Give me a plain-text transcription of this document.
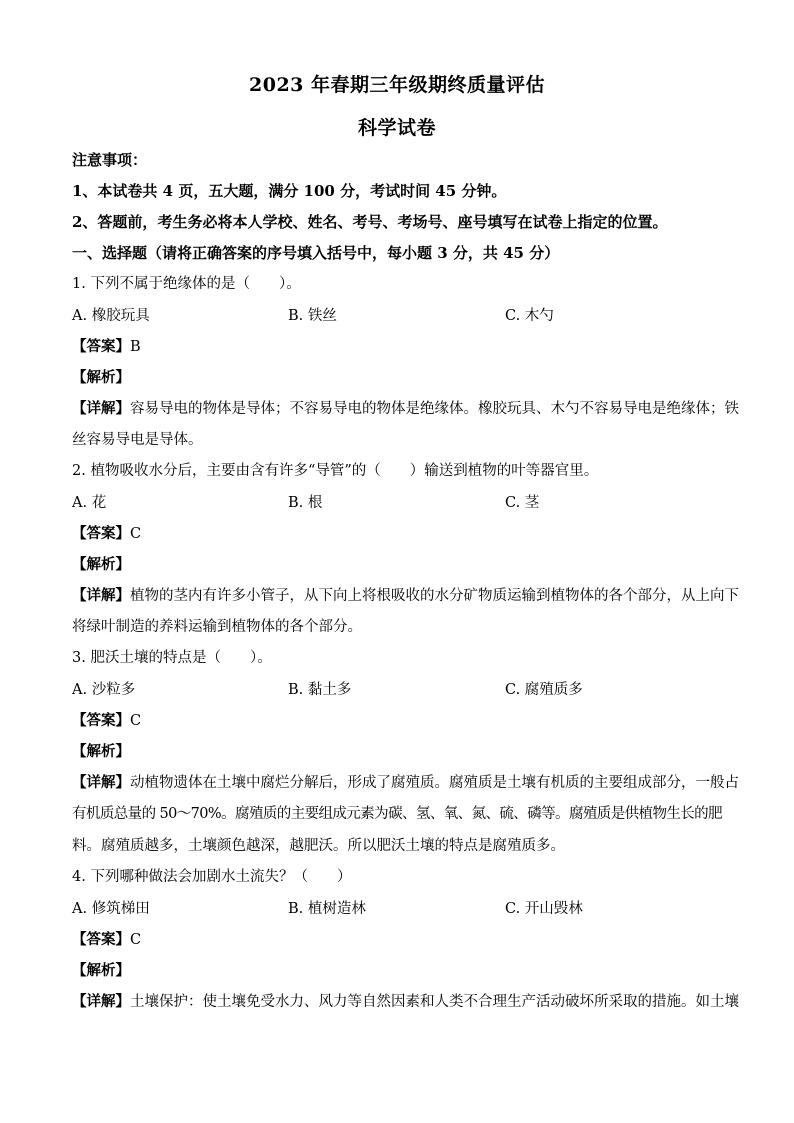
2023 年春期三年级期终质量评估
科学试卷
注意事项：
1、本试卷共 4 页，五大题，满分 100 分，考试时间 45 分钟。
2、答题前，考生务必将本人学校、姓名、考号、考场号、座号填写在试卷上指定的位置。
一、选择题（请将正确答案的序号填入括号中，每小题 3 分，共 45 分）
1. 下列不属于绝缘体的是（　　）。
A. 橡胶玩具	B. 铁丝	C. 木勺
【答案】B
【解析】
【详解】容易导电的物体是导体；不容易导电的物体是绝缘体。橡胶玩具、木勺不容易导电是绝缘体；铁
丝容易导电是导体。
2. 植物吸收水分后，主要由含有许多“导管”的（　　）输送到植物的叶等器官里。
A. 花	B. 根	C. 茎
【答案】C
【解析】
【详解】植物的茎内有许多小管子，从下向上将根吸收的水分矿物质运输到植物体的各个部分，从上向下
将绿叶制造的养料运输到植物体的各个部分。
3. 肥沃土壤的特点是（　　）。
A. 沙粒多	B. 黏土多	C. 腐殖质多
【答案】C
【解析】
【详解】动植物遗体在土壤中腐烂分解后，形成了腐殖质。腐殖质是土壤有机质的主要组成部分，一般占
有机质总量的 50～70%。腐殖质的主要组成元素为碳、氢、氧、氮、硫、磷等。腐殖质是供植物生长的肥
料。腐殖质越多，土壤颜色越深，越肥沃。所以肥沃土壤的特点是腐殖质多。
4. 下列哪种做法会加剧水土流失？（　　）
A. 修筑梯田	B. 植树造林	C. 开山毁林
【答案】C
【解析】
【详解】土壤保护：使土壤免受水力、风力等自然因素和人类不合理生产活动破坏所采取的措施。如土壤
